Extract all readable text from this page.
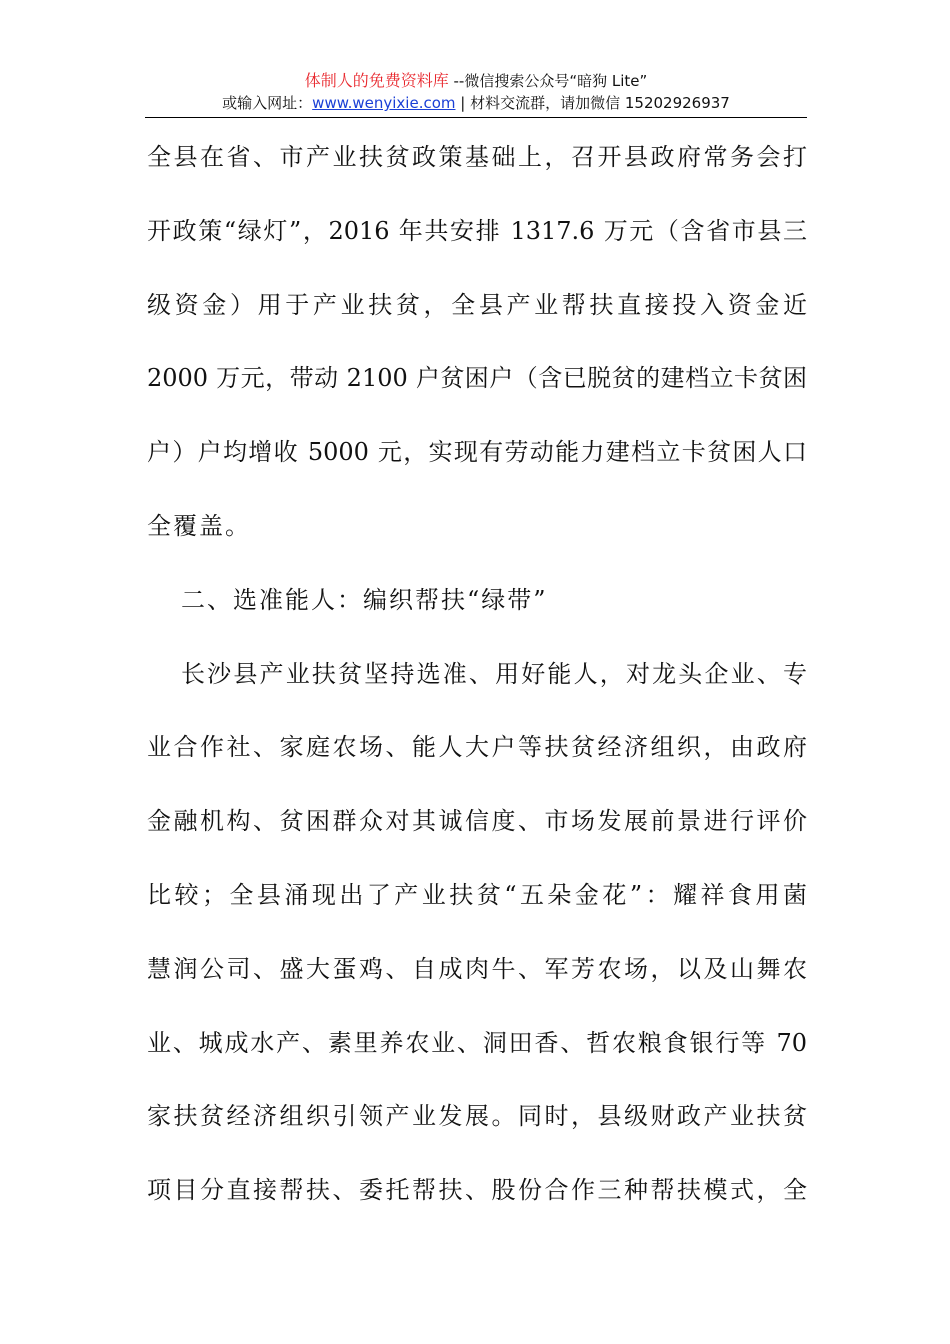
体制人的免费资料库 --微信搜索公众号“暗狗 Lite”
或输入网址：www.wenyixie.com | 材料交流群，请加微信 15202926937
全县在省、市产业扶贫政策基础上，召开县政府常务会打
开政策“绿灯”，2016 年共安排 1317.6 万元（含省市县三
级资金）用于产业扶贫，全县产业帮扶直接投入资金近
2000 万元，带动 2100 户贫困户（含已脱贫的建档立卡贫困
户）户均增收 5000 元，实现有劳动能力建档立卡贫困人口
全覆盖。
二、选准能人：编织帮扶“绿带”
长沙县产业扶贫坚持选准、用好能人，对龙头企业、专
业合作社、家庭农场、能人大户等扶贫经济组织，由政府
金融机构、贫困群众对其诚信度、市场发展前景进行评价
比较；全县涌现出了产业扶贫“五朵金花”：耀祥食用菌
慧润公司、盛大蛋鸡、自成肉牛、军芳农场，以及山舞农
业、城成水产、素里养农业、洞田香、哲农粮食银行等 70
家扶贫经济组织引领产业发展。同时，县级财政产业扶贫
项目分直接帮扶、委托帮扶、股份合作三种帮扶模式，全
